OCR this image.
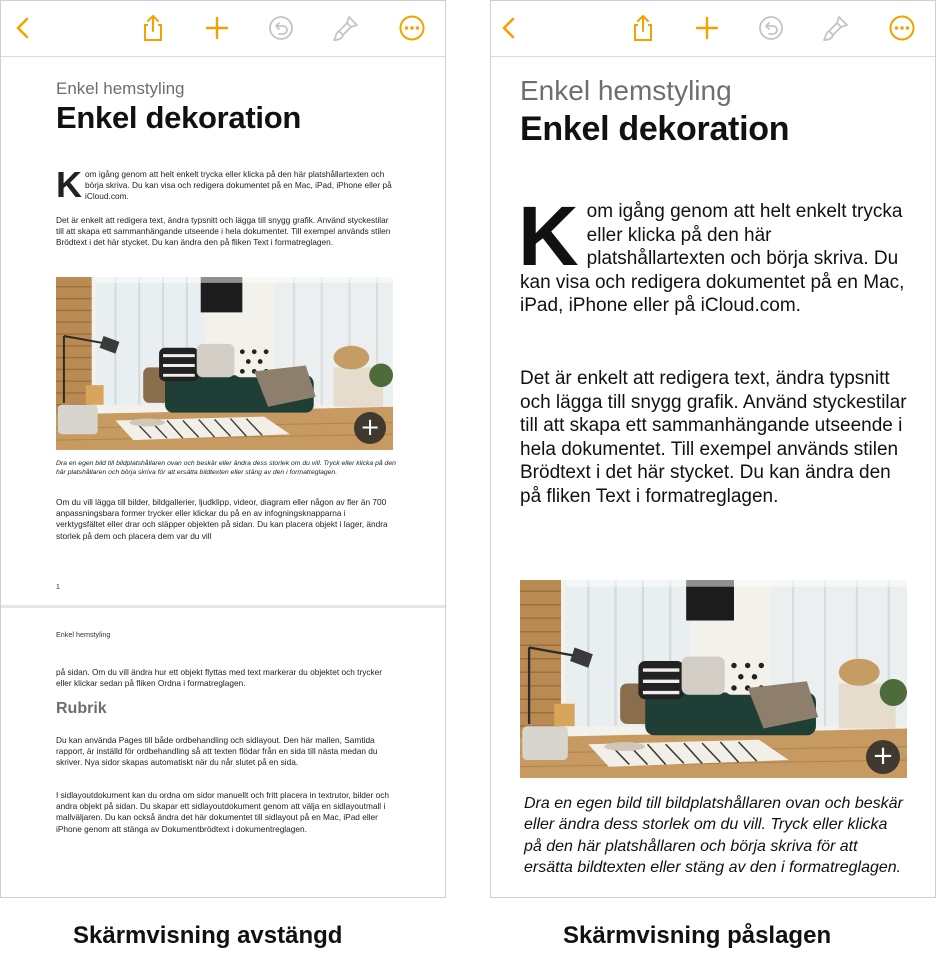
Enkel hemstyling
Enkel dekoration
Kom igång genom att helt enkelt trycka eller klicka på den här platshållartexten och börja skriva. Du kan visa och redigera dokumentet på en Mac, iPad, iPhone eller på iCloud.com.
Det är enkelt att redigera text, ändra typsnitt och lägga till snygg grafik. Använd styckestilar till att skapa ett sammanhängande utseende i hela dokumentet. Till exempel används stilen Brödtext i det här stycket. Du kan ändra den på fliken Text i formatreglagen.
+
Dra en egen bild till bildplatshållaren ovan och beskär eller ändra dess storlek om du vill. Tryck eller klicka på den här platshållaren och börja skriva för att ersätta bildtexten eller stäng av den i formatreglagen.
Om du vill lägga till bilder, bildgallerier, ljudklipp, videor, diagram eller någon av fler än 700 anpassningsbara former trycker eller klickar du på en av infogningsknapparna i verktygsfältet eller drar och släpper objekten på sidan. Du kan placera objekt i lager, ändra storlek på dem och placera dem var du vill
1
Enkel hemstyling
på sidan. Om du vill ändra hur ett objekt flyttas med text markerar du objektet och trycker eller klickar sedan på fliken Ordna i formatreglagen.
Rubrik
Du kan använda Pages till både ordbehandling och sidlayout. Den här mallen, Samtida rapport, är inställd för ordbehandling så att texten flödar från en sida till nästa medan du skriver. Nya sidor skapas automatiskt när du når slutet på en sida.
I sidlayoutdokument kan du ordna om sidor manuellt och fritt placera in textrutor, bilder och andra objekt på sidan. Du skapar ett sidlayoutdokument genom att välja en sidlayoutmall i mallväljaren. Du kan också ändra det här dokumentet till sidlayout på en Mac, iPad eller iPhone genom att stänga av Dokumentbrödtext i dokumentreglagen.
Enkel hemstyling
Enkel dekoration
Kom igång genom att helt enkelt trycka eller klicka på den här platshållartexten och börja skriva. Du kan visa och redigera dokumentet på en Mac, iPad, iPhone eller på iCloud.com.
Det är enkelt att redigera text, ändra typsnitt och lägga till snygg grafik. Använd styckestilar till att skapa ett sammanhängande utseende i hela dokumentet. Till exempel används stilen Brödtext i det här stycket. Du kan ändra den på fliken Text i formatreglagen.
+
Dra en egen bild till bildplatshållaren ovan och beskär eller ändra dess storlek om du vill. Tryck eller klicka på den här platshållaren och börja skriva för att ersätta bildtexten eller stäng av den i formatreglagen.
Skärmvisning avstängd	Skärmvisning påslagen
